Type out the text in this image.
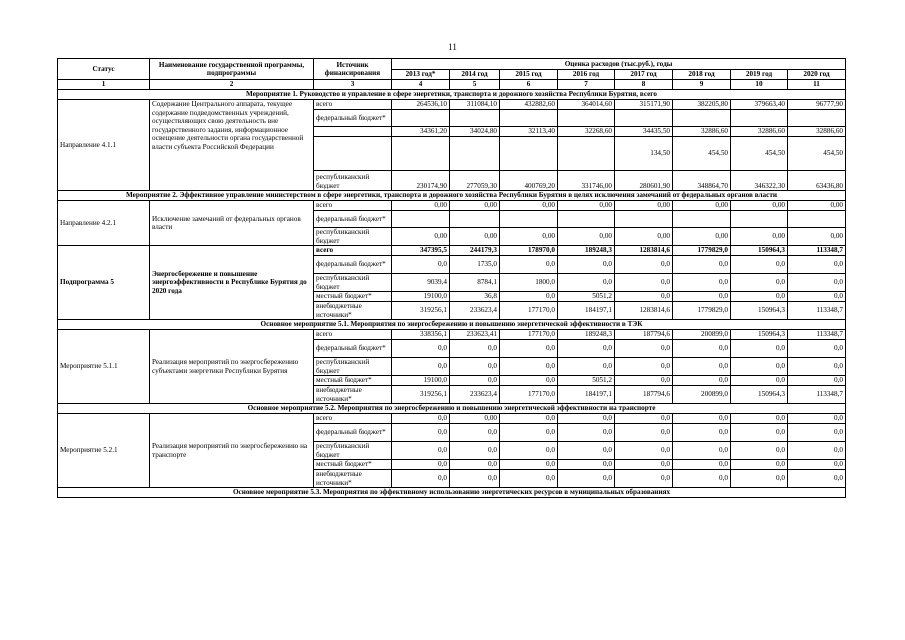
11
Статус	Наименование государственной программы, подпрограммы	Источник финансирования	Оценка расходов (тыс.руб.), годы							
			2013 год*	2014 год	2015 год	2016 год	2017 год	2018 год	2019 год	2020 год
1	2	3	4	5	6	7	8	9	10	11
Мероприятие 1. Руководство и управление в сфере энергетики, транспорта и дорожного хозяйства Республики Бурятия, всего										
Направление 4.1.1	Содержание Центрального аппарата, текущее содержание подведомственных учреждений, осуществляющих свою деятельность вне государственного задания, информационное освещение деятельности органа государственной власти субъекта Российской Федерации	всего	264536,10	311084,10	432882,60	364014,60	315171,90	382205,80	379663,40	96777,90
		федеральный бюджет*								
			34361,20	34024,80	32113,40	32268,60	34435,50	32886,60	32886,60	32886,60
							134,50	454,50	454,50	454,50
		республиканский бюджет	230174,90	277059,30	400769,20	331746,00	280601,90	348864,70	346322,30	63436,80
Мероприятие 2. Эффективное управление министерством в сфере энергетики, транспорта и дорожного хозяйства Республики Бурятия в целях исключения замечаний от федеральных органов власти										
Направление 4.2.1	Исключение замечаний от федеральных органов власти	всего	0,00	0,00	0,00	0,00	0,00	0,00	0,00	0,00
		федеральный бюджет*								
		республиканский бюджет	0,00	0,00	0,00	0,00	0,00	0,00	0,00	0,00
Подпрограмма 5	Энергосбережение и повышение энергоэффективности в Республике Бурятия до 2020 года	всего	347395,5	244179,3	178970,0	189248,3	1283814,6	1779829,0	150964,3	113348,7
		федеральный бюджет*	0,0	1735,0	0,0	0,0	0,0	0,0	0,0	0,0
		республиканский бюджет	9039,4	8784,1	1800,0	0,0	0,0	0,0	0,0	0,0
		местный бюджет*	19100,0	36,8	0,0	5051,2	0,0	0,0	0,0	0,0
		внебюджетные источники*	319256,1	233623,4	177170,0	184197,1	1283814,6	1779829,0	150964,3	113348,7
Основное мероприятие 5.1. Мероприятия по энергосбережению и повышению энергетической эффективности в ТЭК										
Мероприятие 5.1.1	Реализация мероприятий по энергосбережению субъектами энергетики Республики Бурятия	всего	338356,1	233623,41	177170,0	189248,3	187794,6	200899,0	150964,3	113348,7
		федеральный бюджет*	0,0	0,0	0,0	0,0	0,0	0,0	0,0	0,0
		республиканский бюджет	0,0	0,0	0,0	0,0	0,0	0,0	0,0	0,0
		местный бюджет*	19100,0	0,0	0,0	5051,2	0,0	0,0	0,0	0,0
		внебюджетные источники*	319256,1	233623,4	177170,0	184197,1	187794,6	200899,0	150964,3	113348,7
Основное мероприятие 5.2. Мероприятия по энергосбережению и повышению энергетической эффективности на транспорте										
Мероприятие 5.2.1	Реализация мероприятий по энергосбережению на транспорте	всего	0,0	0,00	0,0	0,0	0,0	0,0	0,0	0,0
		федеральный бюджет*	0,0	0,0	0,0	0,0	0,0	0,0	0,0	0,0
		республиканский бюджет	0,0	0,0	0,0	0,0	0,0	0,0	0,0	0,0
		местный бюджет*	0,0	0,0	0,0	0,0	0,0	0,0	0,0	0,0
		внебюджетные источники*	0,0	0,0	0,0	0,0	0,0	0,0	0,0	0,0
Основное мероприятие 5.3. Мероприятия по эффективному использованию энергетических ресурсов в муниципальных образованиях										
